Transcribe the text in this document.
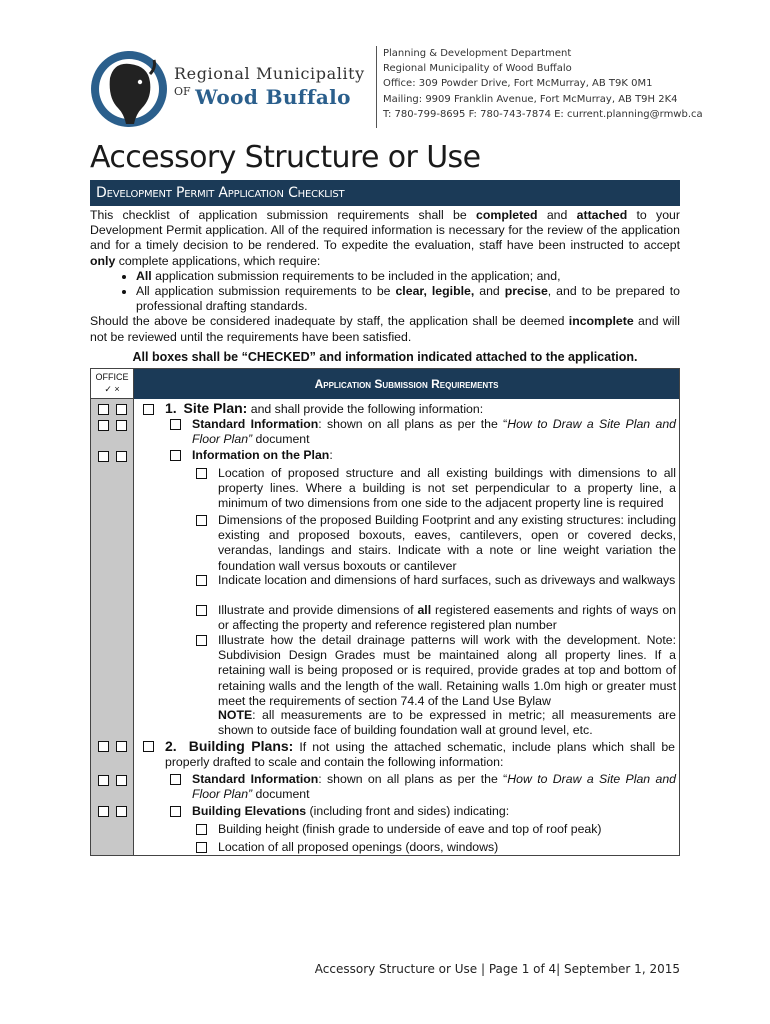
Regional Municipality
$^{OF}$ Wood Buffalo
Planning & Development Department
Regional Municipality of Wood Buffalo
Office: 309 Powder Drive, Fort McMurray, AB T9K 0M1
Mailing: 9909 Franklin Avenue, Fort McMurray, AB T9H 2K4
T: 780-799-8695 F: 780-743-7874 E: current.planning@rmwb.ca
Accessory Structure or Use
Development Permit Application Checklist

This checklist of application submission requirements shall be completed and attached to your Development Permit application. All of the required information is necessary for the review of the application and for a timely decision to be rendered. To expedite the evaluation, staff have been instructed to accept only complete applications, which require:

• All application submission requirements to be included in the application; and,
• All application submission requirements to be clear, legible, and precise, and to be prepared to professional drafting standards.

Should the above be considered inadequate by staff, the application shall be deemed incomplete and will not be reviewed until the requirements have been satisfied.

All boxes shall be “CHECKED” and information indicated attached to the application.
OFFICE
✓ ×	Application Submission Requirements
1. Site Plan: and shall provide the following information:
Standard Information: shown on all plans as per the “How to Draw a Site Plan and Floor Plan” document
Information on the Plan:
Location of proposed structure and all existing buildings with dimensions to all property lines. Where a building is not set perpendicular to a property line, a minimum of two dimensions from one side to the adjacent property line is required
Dimensions of the proposed Building Footprint and any existing structures: including existing and proposed boxouts, eaves, cantilevers, open or covered decks, verandas, landings and stairs. Indicate with a note or line weight variation the foundation wall versus boxouts or cantilever
Indicate location and dimensions of hard surfaces, such as driveways and walkways
Illustrate and provide dimensions of all registered easements and rights of ways on or affecting the property and reference registered plan number
Illustrate how the detail drainage patterns will work with the development. Note: Subdivision Design Grades must be maintained along all property lines. If a retaining wall is being proposed or is required, provide grades at top and bottom of retaining walls and the length of the wall. Retaining walls 1.0m high or greater must meet the requirements of section 74.4 of the Land Use Bylaw
NOTE: all measurements are to be expressed in metric; all measurements are shown to outside face of building foundation wall at ground level, etc.
2. Building Plans: If not using the attached schematic, include plans which shall be properly drafted to scale and contain the following information:
Standard Information: shown on all plans as per the “How to Draw a Site Plan and Floor Plan” document
Building Elevations (including front and sides) indicating:
Building height (finish grade to underside of eave and top of roof peak)
Location of all proposed openings (doors, windows)
Accessory Structure or Use | Page 1 of 4| September 1, 2015
